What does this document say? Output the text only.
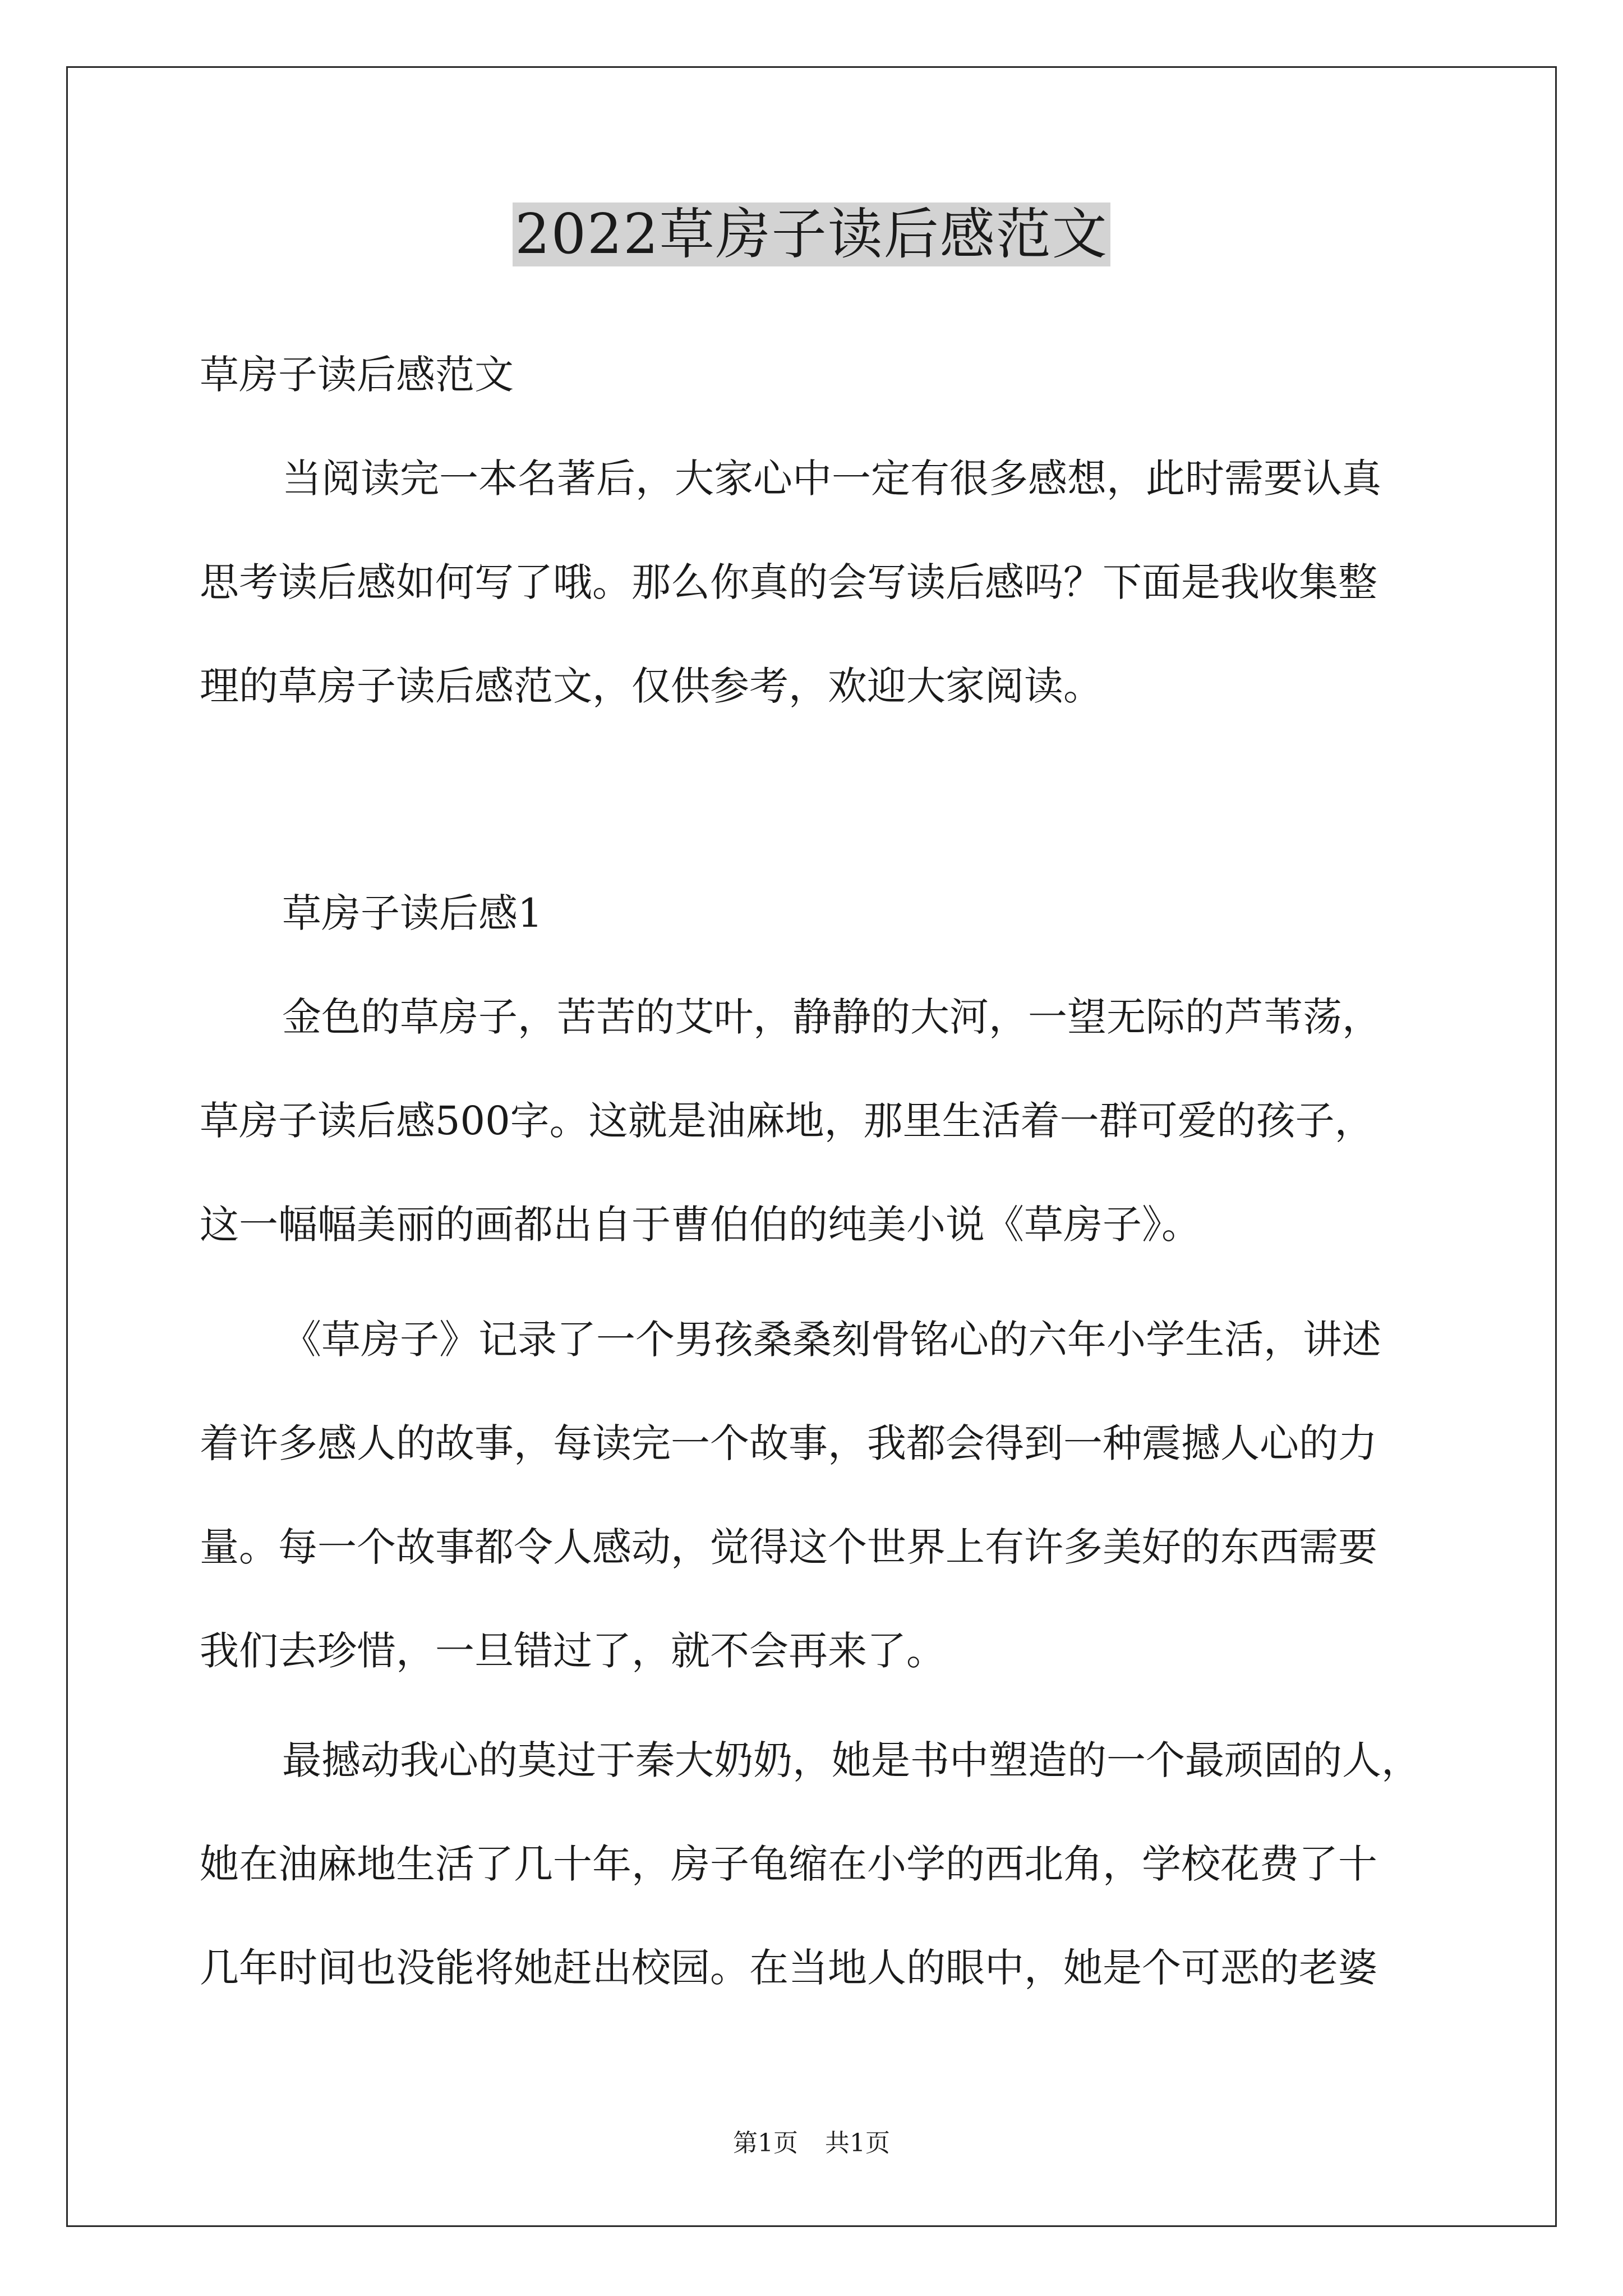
2022草房子读后感范文
草房子读后感范文
当阅读完一本名著后，大家心中一定有很多感想，此时需要认真
思考读后感如何写了哦。那么你真的会写读后感吗？下面是我收集整
理的草房子读后感范文，仅供参考，欢迎大家阅读。
草房子读后感1
金色的草房子，苦苦的艾叶，静静的大河，一望无际的芦苇荡，
草房子读后感500字。这就是油麻地，那里生活着一群可爱的孩子，
这一幅幅美丽的画都出自于曹伯伯的纯美小说《草房子》。
《草房子》记录了一个男孩桑桑刻骨铭心的六年小学生活，讲述
着许多感人的故事，每读完一个故事，我都会得到一种震撼人心的力
量。每一个故事都令人感动，觉得这个世界上有许多美好的东西需要
我们去珍惜，一旦错过了，就不会再来了。
最撼动我心的莫过于秦大奶奶，她是书中塑造的一个最顽固的人，
她在油麻地生活了几十年，房子龟缩在小学的西北角，学校花费了十
几年时间也没能将她赶出校园。在当地人的眼中，她是个可恶的老婆
第1页 共1页
